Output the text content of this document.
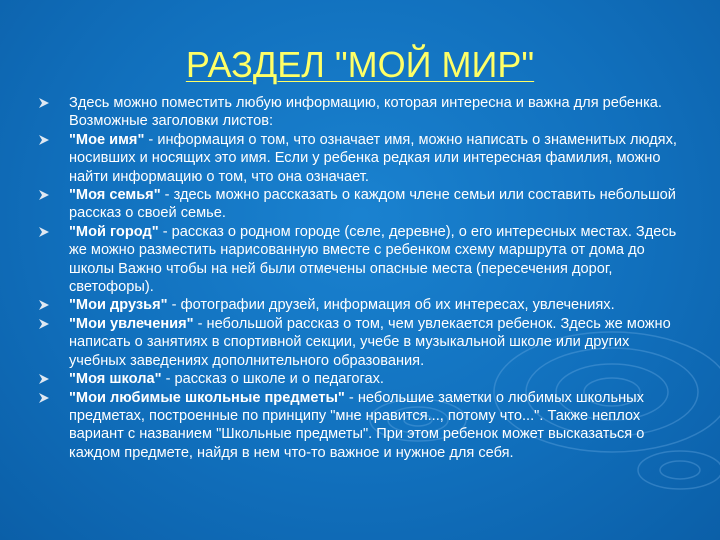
РАЗДЕЛ "МОЙ МИР"
Здесь можно поместить любую информацию, которая интересна и важна для ребенка. Возможные заголовки листов:
"Мое имя" - информация о том, что означает имя, можно написать о знаменитых людях, носивших и носящих это имя. Если у ребенка редкая или интересная фамилия, можно найти информацию о том, что она означает.
"Моя семья" - здесь можно рассказать о каждом члене семьи или составить небольшой рассказ о своей семье.
"Мой город" - рассказ о родном городе (селе, деревне), о его интересных местах. Здесь же можно разместить нарисованную вместе с ребенком схему маршрута от дома до школы Важно чтобы на ней были отмечены опасные места (пересечения дорог, светофоры).
"Мои друзья" - фотографии друзей, информация об их интересах, увлечениях.
"Мои увлечения" - небольшой рассказ о том, чем увлекается ребенок. Здесь же можно написать о занятиях в спортивной секции, учебе в музыкальной школе или других учебных заведениях дополнительного образования.
"Моя школа" - рассказ о школе и о педагогах.
"Мои любимые школьные предметы" - небольшие заметки о любимых школьных предметах, построенные по принципу "мне нравится..., потому что...". Также неплох вариант с названием "Школьные предметы". При этом ребенок может высказаться о каждом предмете, найдя в нем что-то важное и нужное для себя.
